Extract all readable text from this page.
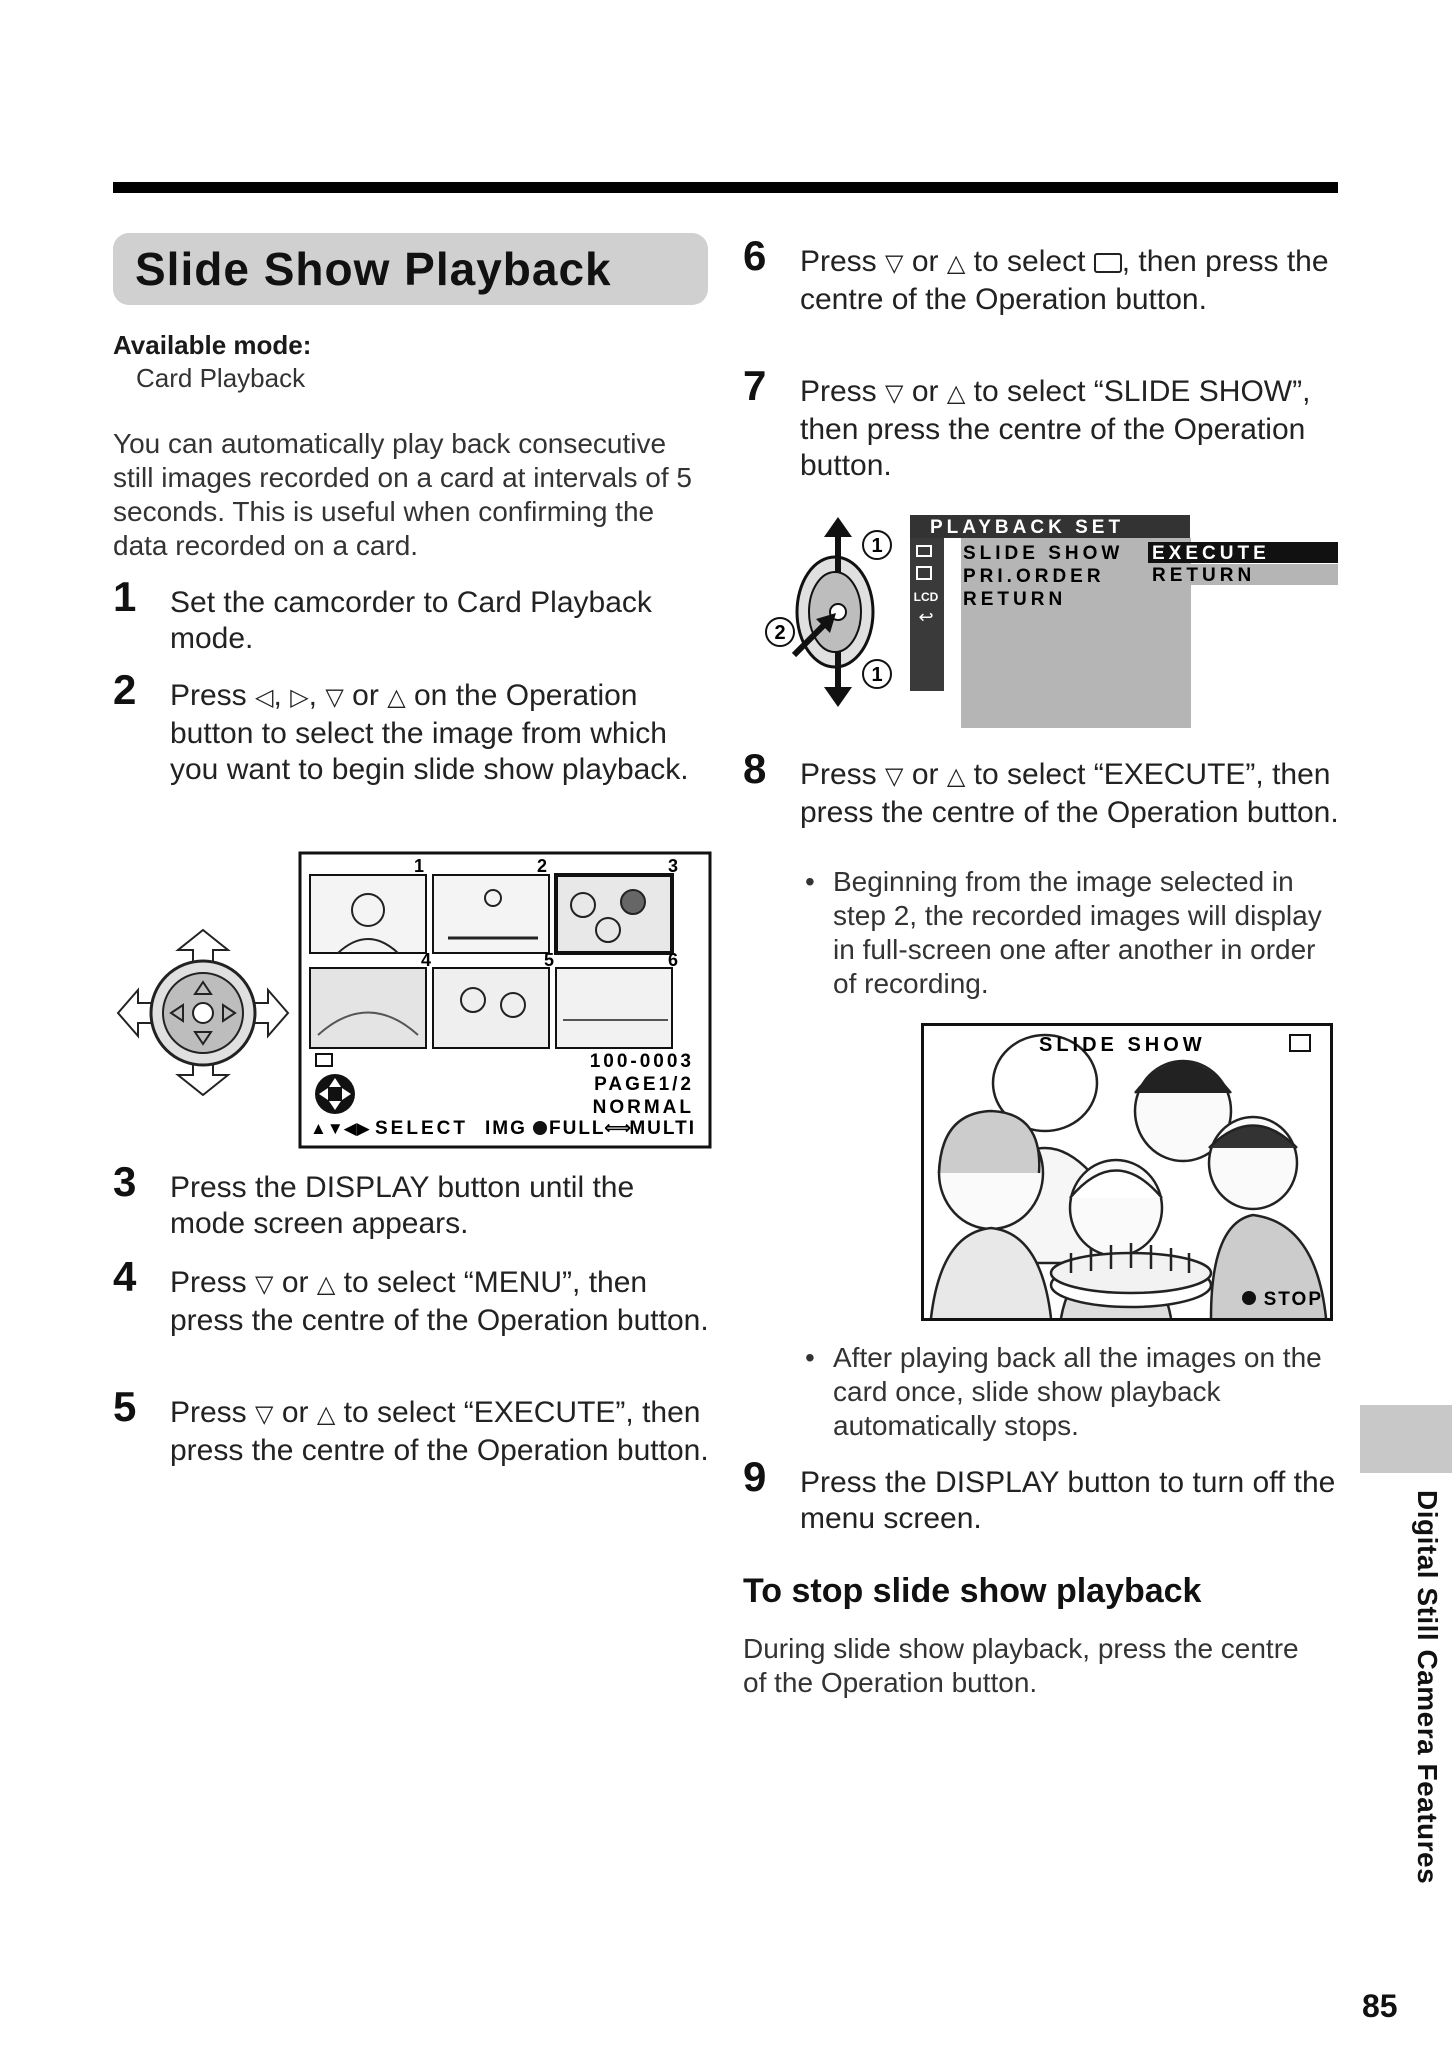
Slide Show Playback
Available mode:
Card Playback
You can automatically play back consecutive still images recorded on a card at intervals of 5 seconds. This is useful when confirming the data recorded on a card.
1 Set the camcorder to Card Playback mode.
2 Press ◁, ▷, ▽ or △ on the Operation button to select the image from which you want to begin slide show playback.
1	2	3
4	5	6
100-0003
PAGE1/2
NORMAL
▲▼◀▶ SELECT IMG FULL
⟺
MULTI
3 Press the DISPLAY button until the mode screen appears.
4 Press ▽ or △ to select “MENU”, then press the centre of the Operation button.
5 Press ▽ or △ to select “EXECUTE”, then press the centre of the Operation button.
6 Press ▽ or △ to select , then press the centre of the Operation button.
7 Press ▽ or △ to select “SLIDE SHOW”, then press the centre of the Operation button.
1
2
1
LCD
↩
PLAYBACK SET
SLIDE SHOW
PRI.ORDER
RETURN
EXECUTE
RETURN
8 Press ▽ or △ to select “EXECUTE”, then press the centre of the Operation button.
• Beginning from the image selected in step 2, the recorded images will display in full-screen one after another in order of recording.
SLIDE SHOW
STOP
• After playing back all the images on the card once, slide show playback automatically stops.
9 Press the DISPLAY button to turn off the menu screen.
To stop slide show playback
During slide show playback, press the centre of the Operation button.	Digital Still Camera Features
85
